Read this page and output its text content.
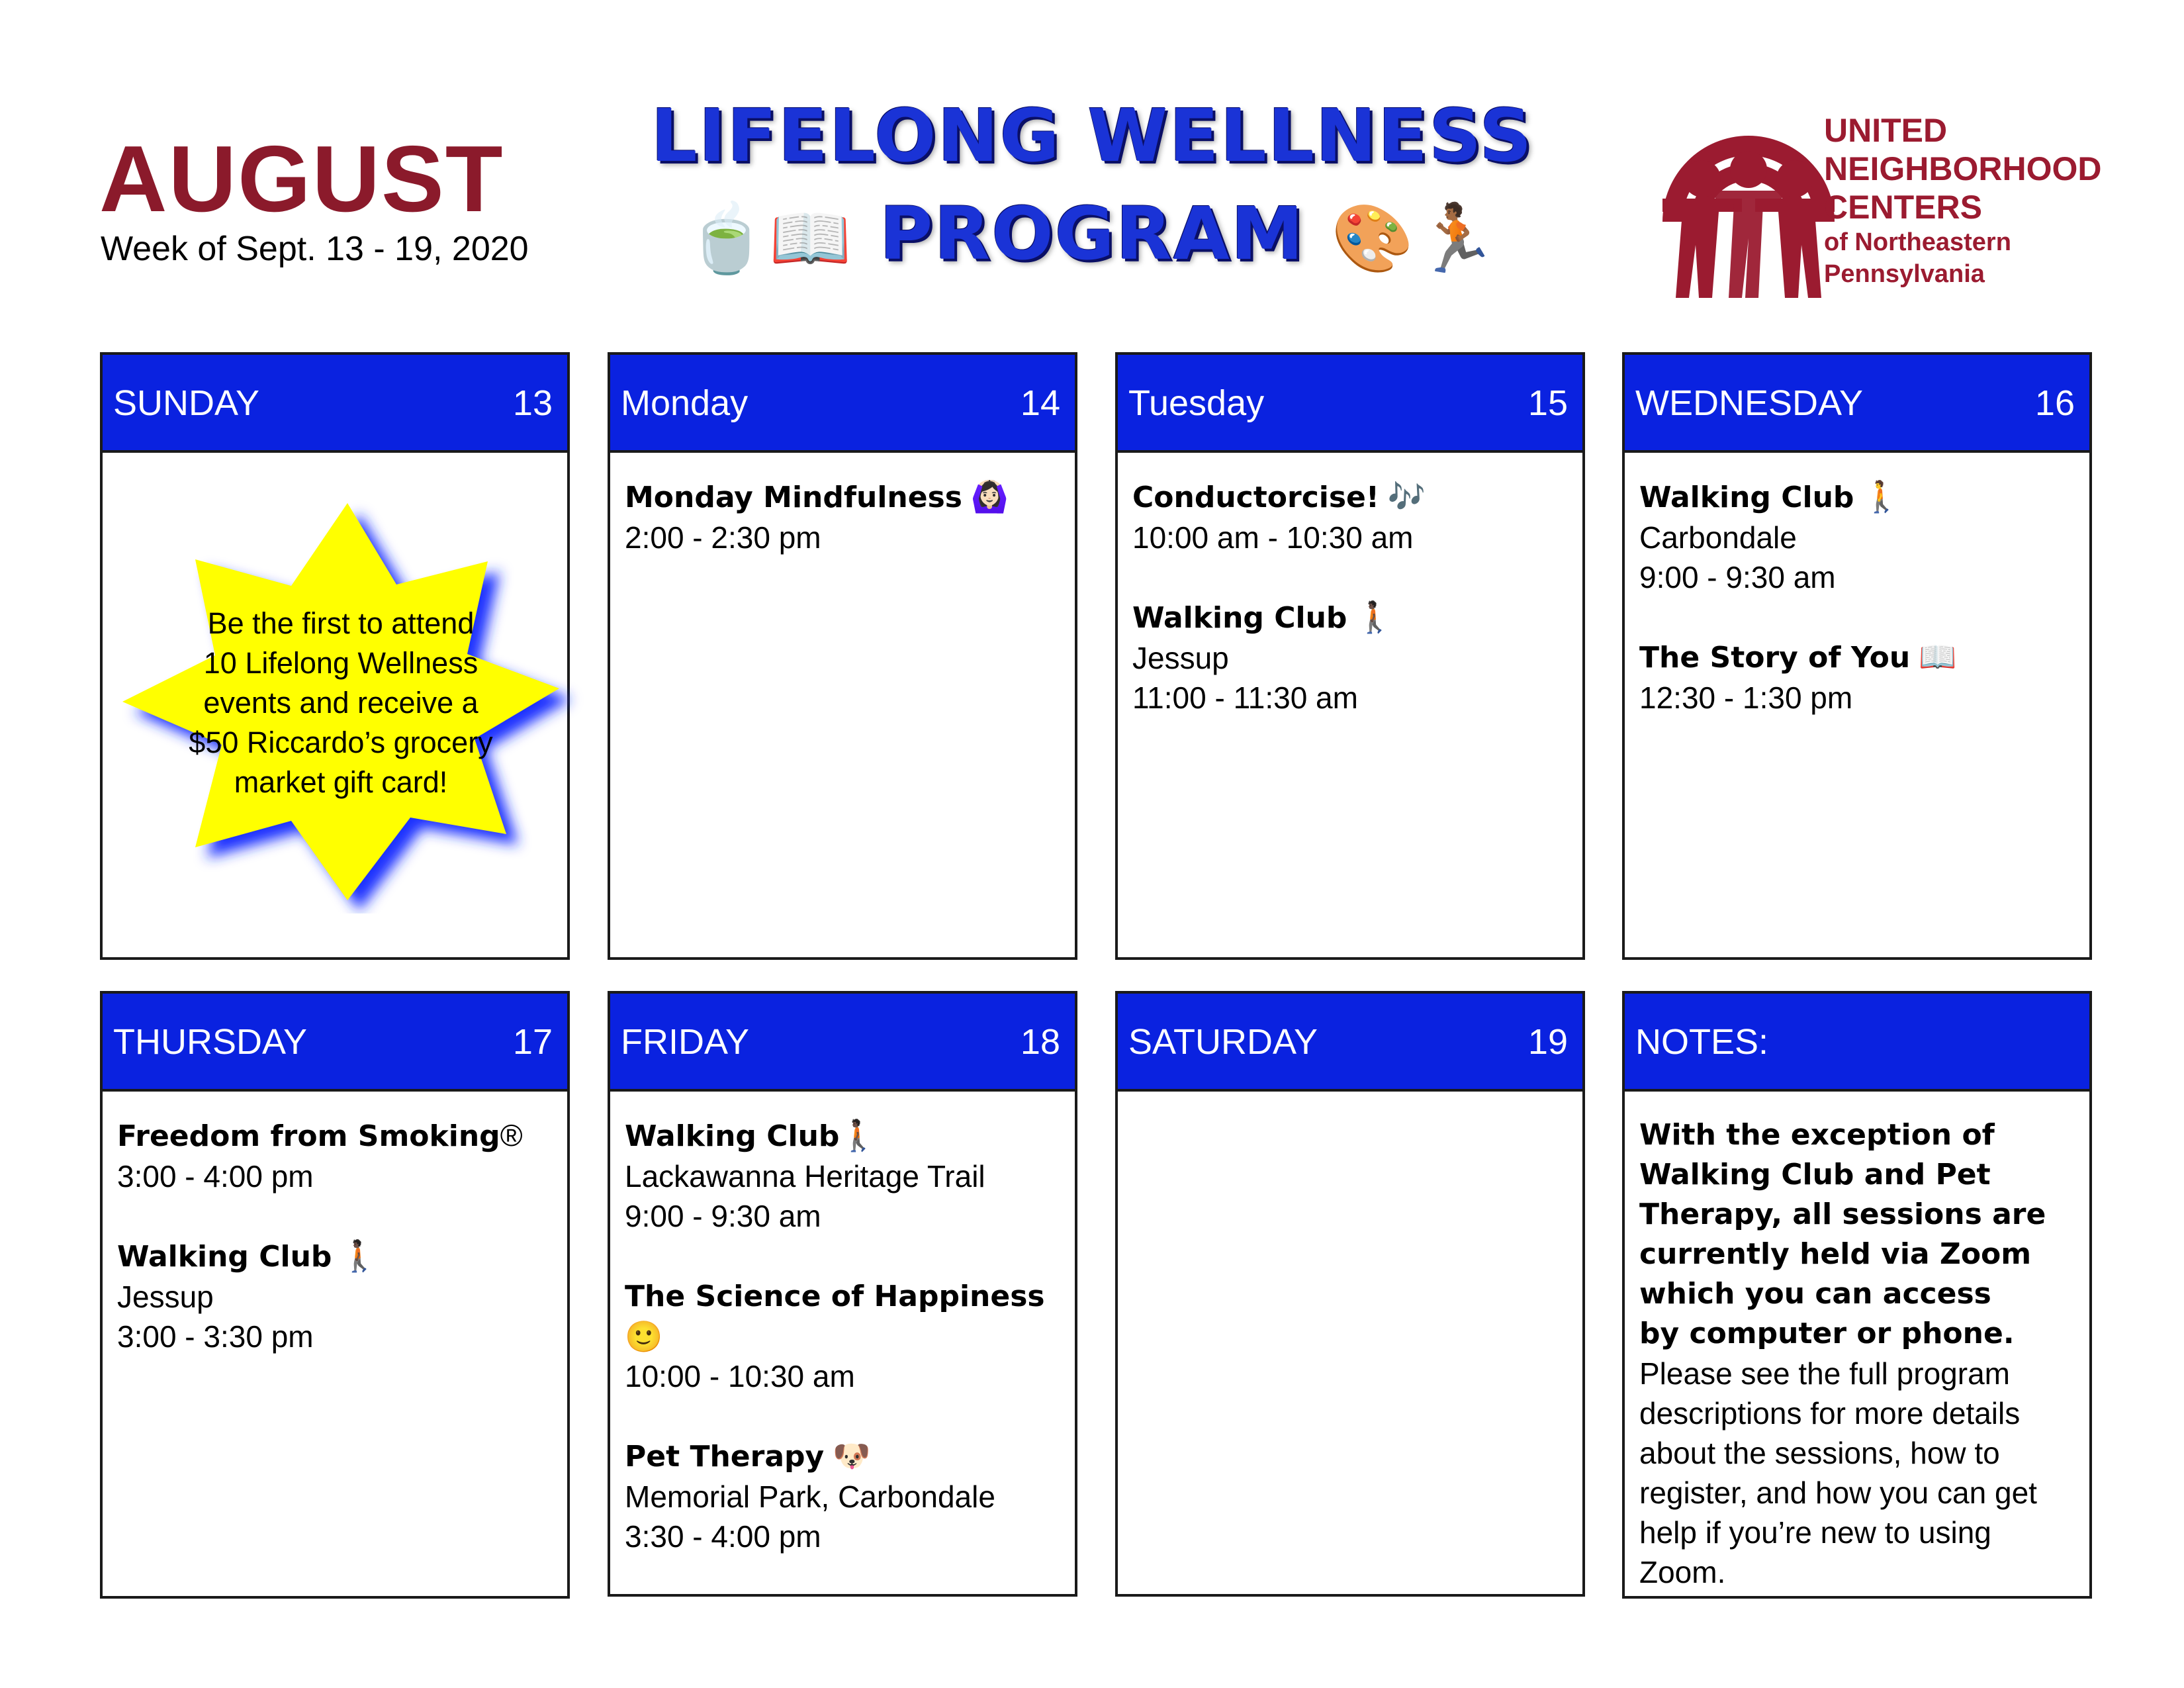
AUGUST
Week of Sept. 13 - 19, 2020
LIFELONG WELLNESS
🍵📖 PROGRAM 🎨🏃🏾
UNITED
NEIGHBORHOOD
CENTERS
of Northeastern
Pennsylvania
SUNDAY	13 Monday	14
Monday Mindfulness 🙆🏻‍♀️
2:00 - 2:30 pm
Tuesday	15
Conductorcise! 🎶
10:00 am - 10:30 am
Walking Club 🚶🏿
Jessup
11:00 - 11:30 am
WEDNESDAY	16
Walking Club 🚶
Carbondale
9:00 - 9:30 am
The Story of You 📖
12:30 - 1:30 pm
Be the first to attend
10 Lifelong Wellness
events and receive a
$50 Riccardo’s grocery
market gift card!
THURSDAY	17
Freedom from Smoking®
3:00 - 4:00 pm
Walking Club 🚶🏿
Jessup
3:00 - 3:30 pm
FRIDAY	18
Walking Club🚶🏿
Lackawanna Heritage Trail
9:00 - 9:30 am
The Science of Happiness 🙂
10:00 - 10:30 am
Pet Therapy 🐶
Memorial Park, Carbondale
3:30 - 4:00 pm
SATURDAY	19 NOTES:
With the exception of
Walking Club and Pet
Therapy, all sessions are
currently held via Zoom
which you can access
by computer or phone.
Please see the full program
descriptions for more details
about the sessions, how to
register, and how you can get
help if you’re new to using
Zoom.
